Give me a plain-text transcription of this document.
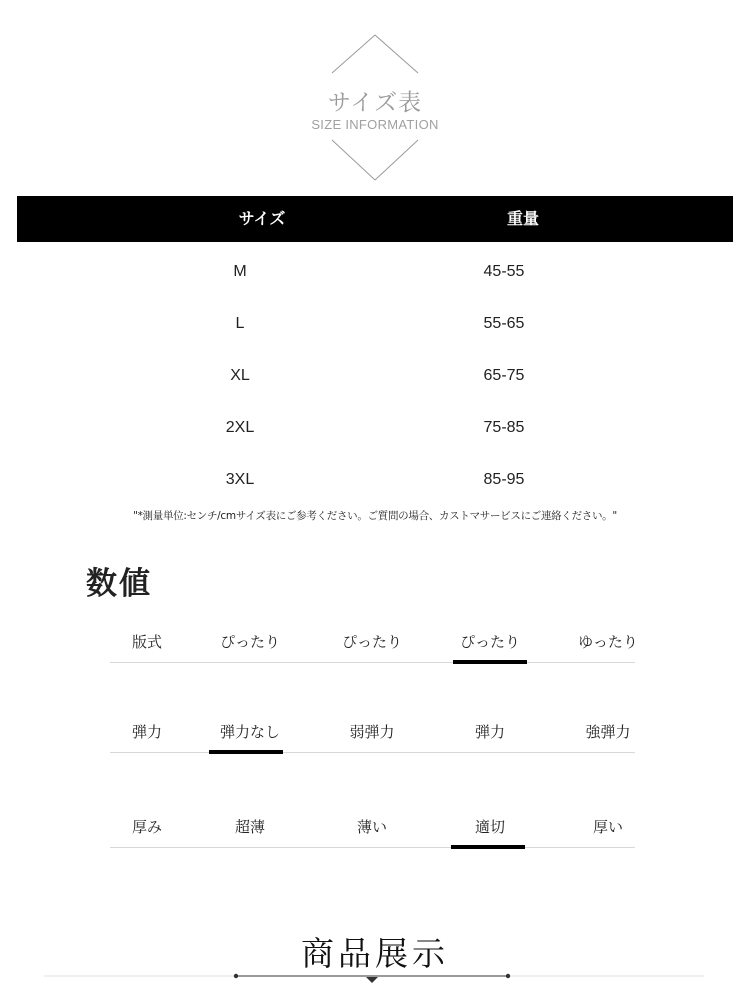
サイズ表
SIZE INFORMATION
サイズ	重量
M	45-55
L	55-65
XL	65-75
2XL	75-85
3XL	85-95
"*測量単位:センチ/cmサイズ表にご参考ください。ご質問の場合、カストマサービスにご連絡ください。"
数値
版式	ぴったり	ぴったり	ぴったり	ゆったり
弾力	弾力なし	弱弾力	弾力	強弾力
厚み	超薄	薄い	適切	厚い
商品展示
